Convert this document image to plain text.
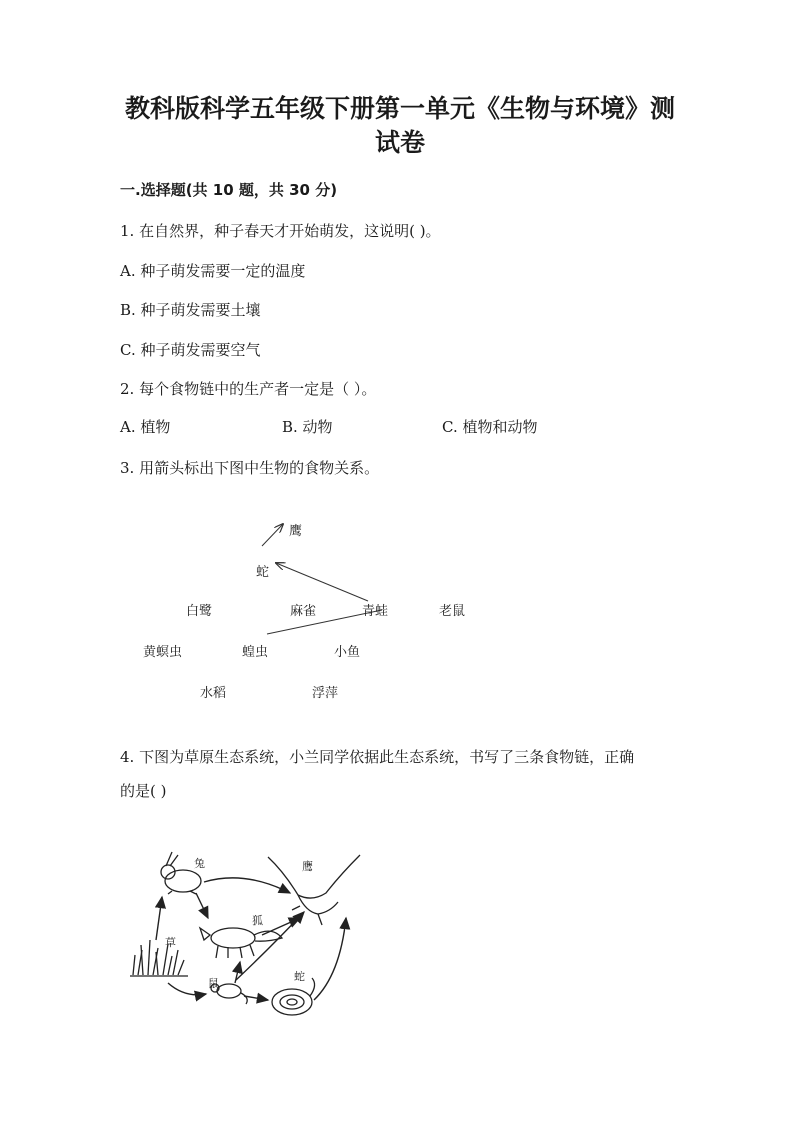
教科版科学五年级下册第一单元《生物与环境》测
试卷
一.选择题(共 10 题，共 30 分)
1. 在自然界，种子春天才开始萌发，这说明( )。
A. 种子萌发需要一定的温度
B. 种子萌发需要土壤
C. 种子萌发需要空气
2. 每个食物链中的生产者一定是（ ）。
A. 植物	B. 动物	C. 植物和动物
3. 用箭头标出下图中生物的食物关系。
鹰
蛇
白鹭	麻雀	青蛙	老鼠
黄螟虫	蝗虫	小鱼
水稻	浮萍
4. 下图为草原生态系统，小兰同学依据此生态系统，书写了三条食物链，正确
的是( )
兔	鹰
狐
草
鼠
蛇
